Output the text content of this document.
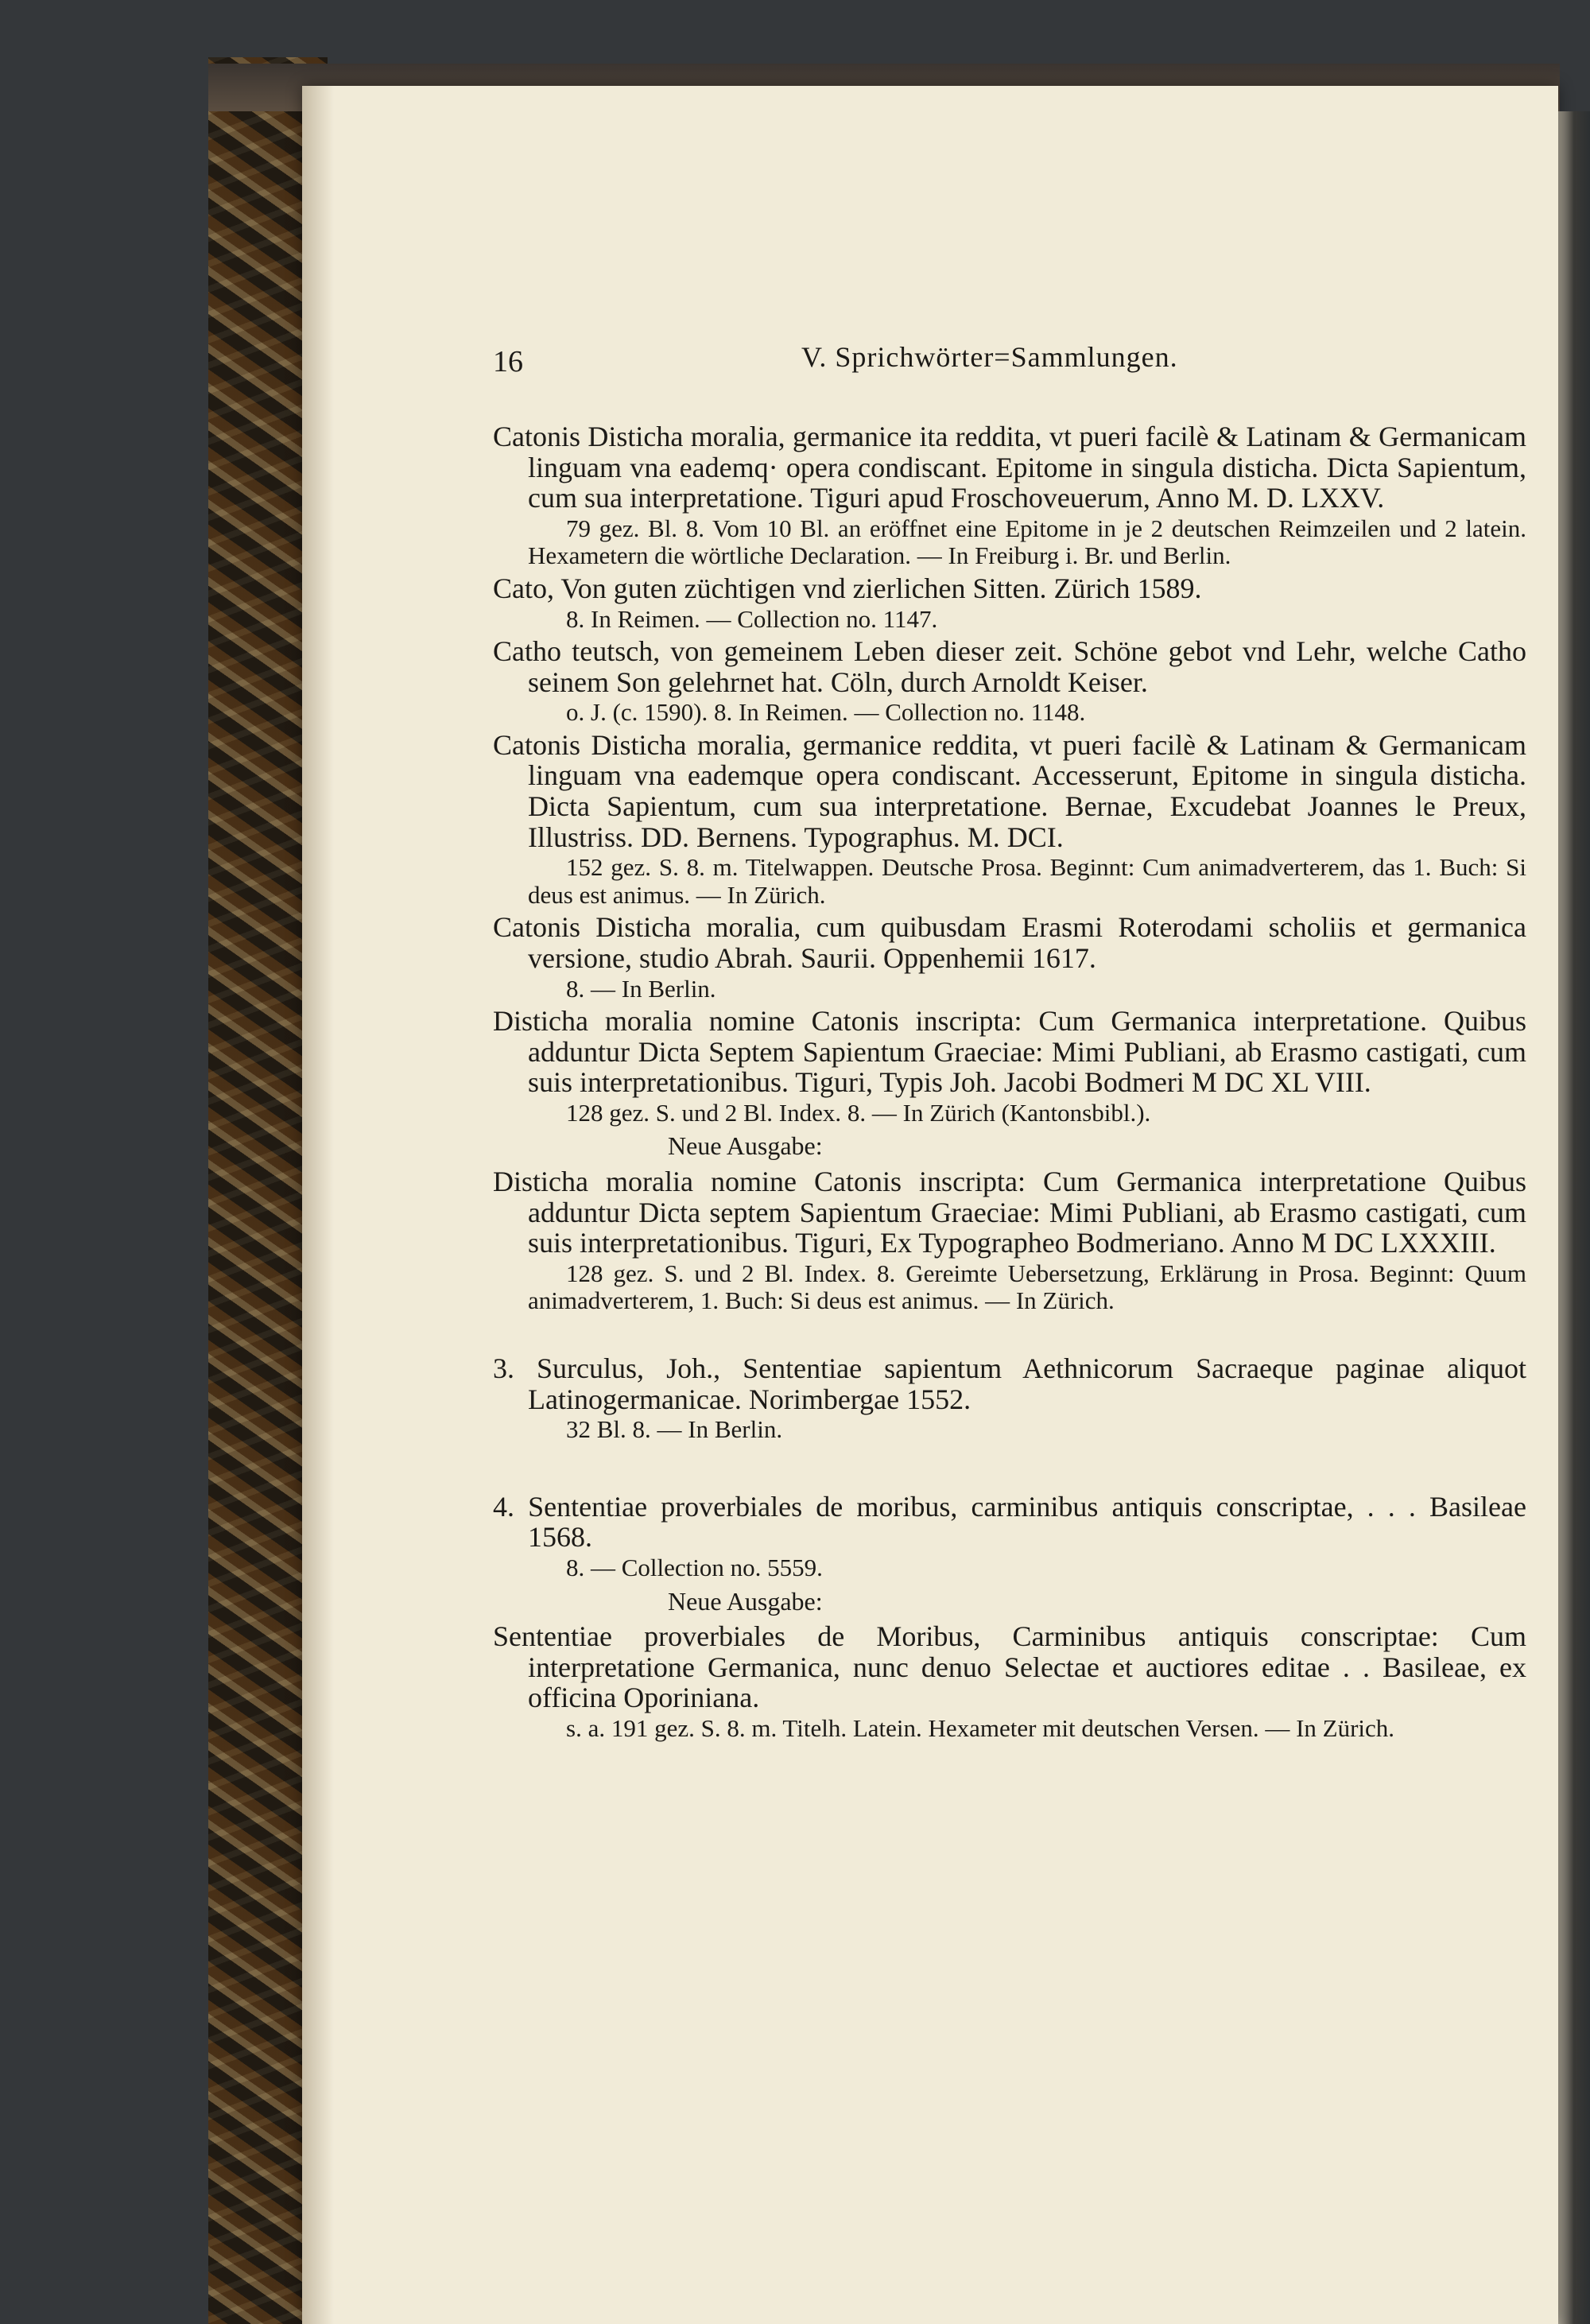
16	V. Sprichwörter=Sammlungen.

Catonis Disticha moralia, germanice ita reddita, vt pueri facilè & Latinam & Germanicam linguam vna eademq· opera condiscant. Epitome in singula disticha. Dicta Sapientum, cum sua interpretatione. Tiguri apud Froschoveuerum, Anno M. D. LXXV.

79 gez. Bl. 8. Vom 10 Bl. an eröffnet eine Epitome in je 2 deutschen Reimzeilen und 2 latein. Hexametern die wörtliche Declaration. — In Freiburg i. Br. und Berlin.

Cato, Von guten züchtigen vnd zierlichen Sitten. Zürich 1589.

8. In Reimen. — Collection no. 1147.

Catho teutsch, von gemeinem Leben dieser zeit. Schöne gebot vnd Lehr, welche Catho seinem Son gelehrnet hat. Cöln, durch Arnoldt Keiser.

o. J. (c. 1590). 8. In Reimen. — Collection no. 1148.

Catonis Disticha moralia, germanice reddita, vt pueri facilè & Latinam & Germanicam linguam vna eademque opera condiscant. Accesserunt, Epitome in singula disticha. Dicta Sapientum, cum sua interpretatione. Bernae, Excudebat Joannes le Preux, Illustriss. DD. Bernens. Typographus. M. DCI.

152 gez. S. 8. m. Titelwappen. Deutsche Prosa. Beginnt: Cum animadverterem, das 1. Buch: Si deus est animus. — In Zürich.

Catonis Disticha moralia, cum quibusdam Erasmi Roterodami scholiis et germanica versione, studio Abrah. Saurii. Oppenhemii 1617.

8. — In Berlin.

Disticha moralia nomine Catonis inscripta: Cum Germanica interpretatione. Quibus adduntur Dicta Septem Sapientum Graeciae: Mimi Publiani, ab Erasmo castigati, cum suis interpretationibus. Tiguri, Typis Joh. Jacobi Bodmeri M DC XL VIII.

128 gez. S. und 2 Bl. Index. 8. — In Zürich (Kantonsbibl.).

Neue Ausgabe:

Disticha moralia nomine Catonis inscripta: Cum Germanica interpretatione Quibus adduntur Dicta septem Sapientum Graeciae: Mimi Publiani, ab Erasmo castigati, cum suis interpretationibus. Tiguri, Ex Typographeo Bodmeriano. Anno M DC LXXXIII.

128 gez. S. und 2 Bl. Index. 8. Gereimte Uebersetzung, Erklärung in Prosa. Beginnt: Quum animadverterem, 1. Buch: Si deus est animus. — In Zürich.

3. Surculus, Joh., Sententiae sapientum Aethnicorum Sacraeque paginae aliquot Latinogermanicae. Norimbergae 1552.

32 Bl. 8. — In Berlin.

4. Sententiae proverbiales de moribus, carminibus antiquis conscriptae, . . . Basileae 1568.

8. — Collection no. 5559.

Neue Ausgabe:

Sententiae proverbiales de Moribus, Carminibus antiquis conscriptae: Cum interpretatione Germanica, nunc denuo Selectae et auctiores editae . . Basileae, ex officina Oporiniana.

s. a. 191 gez. S. 8. m. Titelh. Latein. Hexameter mit deutschen Versen. — In Zürich.
